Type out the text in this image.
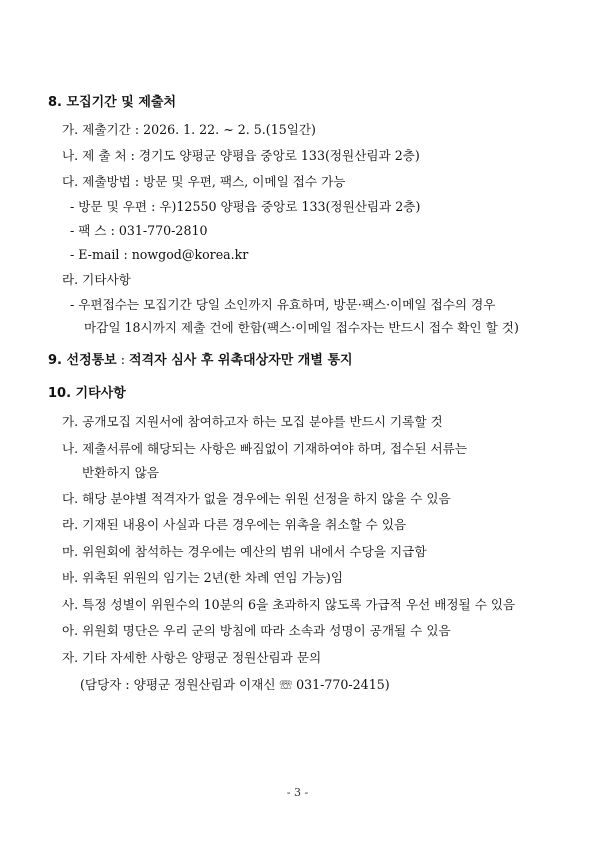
8. 모집기간 및 제출처
가. 제출기간 : 2026. 1. 22. ~ 2. 5.(15일간)
나. 제 출 처 : 경기도 양평군 양평읍 중앙로 133(정원산림과 2층)
다. 제출방법 : 방문 및 우편, 팩스, 이메일 접수 가능
- 방문 및 우편 : 우)12550 양평읍 중앙로 133(정원산림과 2층)
- 팩 스 : 031-770-2810
- E-mail : nowgod@korea.kr
라. 기타사항
- 우편접수는 모집기간 당일 소인까지 유효하며, 방문·팩스·이메일 접수의 경우
마감일 18시까지 제출 건에 한함(팩스·이메일 접수자는 반드시 접수 확인 할 것)
9. 선정통보 : 적격자 심사 후 위촉대상자만 개별 통지
10. 기타사항
가. 공개모집 지원서에 참여하고자 하는 모집 분야를 반드시 기록할 것
나. 제출서류에 해당되는 사항은 빠짐없이 기재하여야 하며, 접수된 서류는
반환하지 않음
다. 해당 분야별 적격자가 없을 경우에는 위원 선정을 하지 않을 수 있음
라. 기재된 내용이 사실과 다른 경우에는 위촉을 취소할 수 있음
마. 위원회에 참석하는 경우에는 예산의 범위 내에서 수당을 지급함
바. 위촉된 위원의 임기는 2년(한 차례 연임 가능)임
사. 특정 성별이 위원수의 10분의 6을 초과하지 않도록 가급적 우선 배정될 수 있음
아. 위원회 명단은 우리 군의 방침에 따라 소속과 성명이 공개될 수 있음
자. 기타 자세한 사항은 양평군 정원산림과 문의
(담당자 : 양평군 정원산림과 이재신 ☏ 031-770-2415)
- 3 -
